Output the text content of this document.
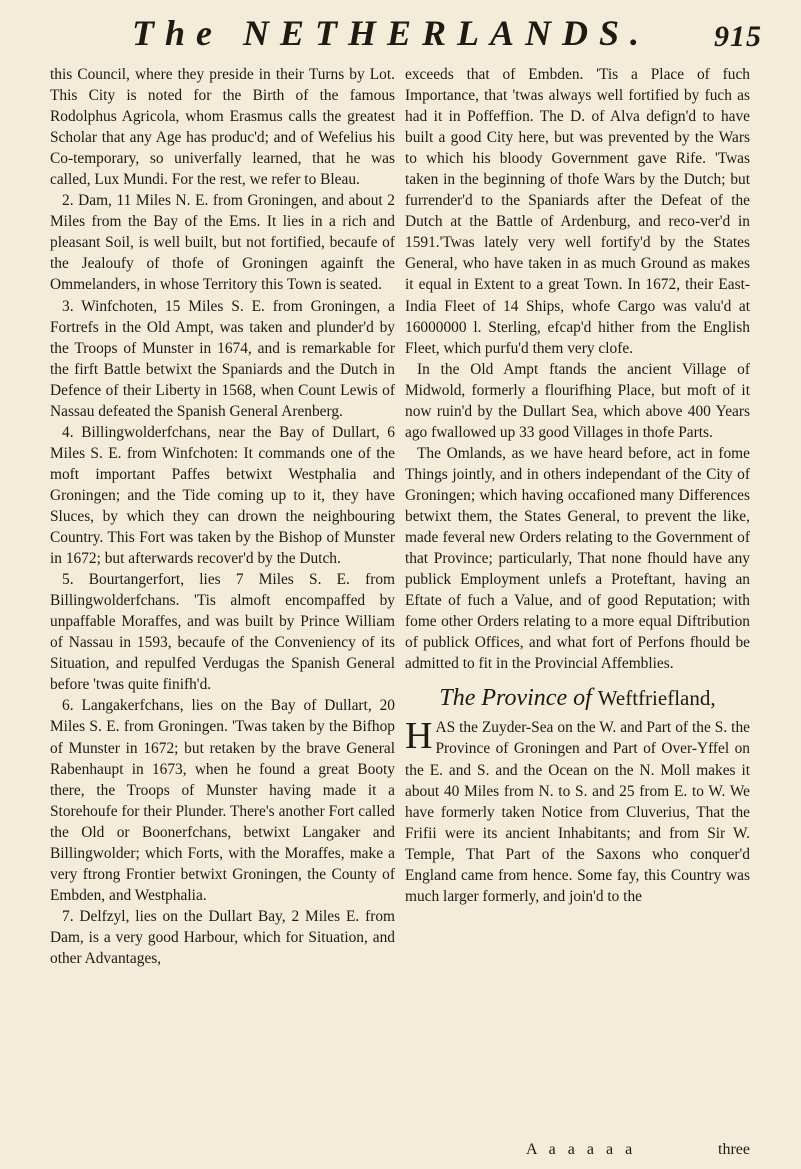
The NETHERLANDS. 915

this Council, where they preside in their Turns by Lot. This City is noted for the Birth of the famous Rodolphus Agricola, whom Erasmus calls the greatest Scholar that any Age has produc'd; and of Wefelius his Co-temporary, so univerfally learned, that he was called, Lux Mundi. For the rest, we refer to Bleau.

2. Dam, 11 Miles N. E. from Groningen, and about 2 Miles from the Bay of the Ems. It lies in a rich and pleasant Soil, is well built, but not fortified, becaufe of the Jealoufy of thofe of Groningen againft the Ommelanders, in whose Territory this Town is seated.

3. Winfchoten, 15 Miles S. E. from Groningen, a Fortrefs in the Old Ampt, was taken and plunder'd by the Troops of Munster in 1674, and is remarkable for the firft Battle betwixt the Spaniards and the Dutch in Defence of their Liberty in 1568, when Count Lewis of Nassau defeated the Spanish General Arenberg.

4. Billingwolderfchans, near the Bay of Dullart, 6 Miles S. E. from Winfchoten: It commands one of the moft important Paffes betwixt Westphalia and Groningen; and the Tide coming up to it, they have Sluces, by which they can drown the neighbouring Country. This Fort was taken by the Bishop of Munster in 1672; but afterwards recover'd by the Dutch.

5. Bourtangerfort, lies 7 Miles S. E. from Billingwolderfchans. 'Tis almoft encompaffed by unpaffable Moraffes, and was built by Prince William of Nassau in 1593, becaufe of the Conveniency of its Situation, and repulfed Verdugas the Spanish General before 'twas quite finifh'd.

6. Langakerfchans, lies on the Bay of Dullart, 20 Miles S. E. from Groningen. 'Twas taken by the Bifhop of Munster in 1672; but retaken by the brave General Rabenhaupt in 1673, when he found a great Booty there, the Troops of Munster having made it a Storehoufe for their Plunder. There's another Fort called the Old or Boonerfchans, betwixt Langaker and Billingwolder; which Forts, with the Moraffes, make a very ftrong Frontier betwixt Groningen, the County of Embden, and Westphalia.

7. Delfzyl, lies on the Dullart Bay, 2 Miles E. from Dam, is a very good Harbour, which for Situation, and other Advantages,

exceeds that of Embden. 'Tis a Place of fuch Importance, that 'twas always well fortified by fuch as had it in Poffeffion. The D. of Alva defign'd to have built a good City here, but was prevented by the Wars to which his bloody Government gave Rife. 'Twas taken in the beginning of thofe Wars by the Dutch; but furrender'd to the Spaniards after the Defeat of the Dutch at the Battle of Ardenburg, and reco-ver'd in 1591.'Twas lately very well fortify'd by the States General, who have taken in as much Ground as makes it equal in Extent to a great Town. In 1672, their East-India Fleet of 14 Ships, whofe Cargo was valu'd at 16000000 l. Sterling, efcap'd hither from the English Fleet, which purfu'd them very clofe.

In the Old Ampt ftands the ancient Village of Midwold, formerly a flourifhing Place, but moft of it now ruin'd by the Dullart Sea, which above 400 Years ago fwallowed up 33 good Villages in thofe Parts.

The Omlands, as we have heard before, act in fome Things jointly, and in others independant of the City of Groningen; which having occafioned many Differences betwixt them, the States General, to prevent the like, made feveral new Orders relating to the Government of that Province; particularly, That none fhould have any publick Employment unlefs a Proteftant, having an Eftate of fuch a Value, and of good Reputation; with fome other Orders relating to a more equal Diftribution of publick Offices, and what fort of Perfons fhould be admitted to fit in the Provincial Affemblies.

The Province of Weftfriefland,

HAS the Zuyder-Sea on the W. and Part of the S. the Province of Groningen and Part of Over-Yffel on the E. and S. and the Ocean on the N. Moll makes it about 40 Miles from N. to S. and 25 from E. to W. We have formerly taken Notice from Cluverius, That the Frifii were its ancient Inhabitants; and from Sir W. Temple, That Part of the Saxons who conquer'd England came from hence. Some fay, this Country was much larger formerly, and join'd to the

A a a a a a	three
